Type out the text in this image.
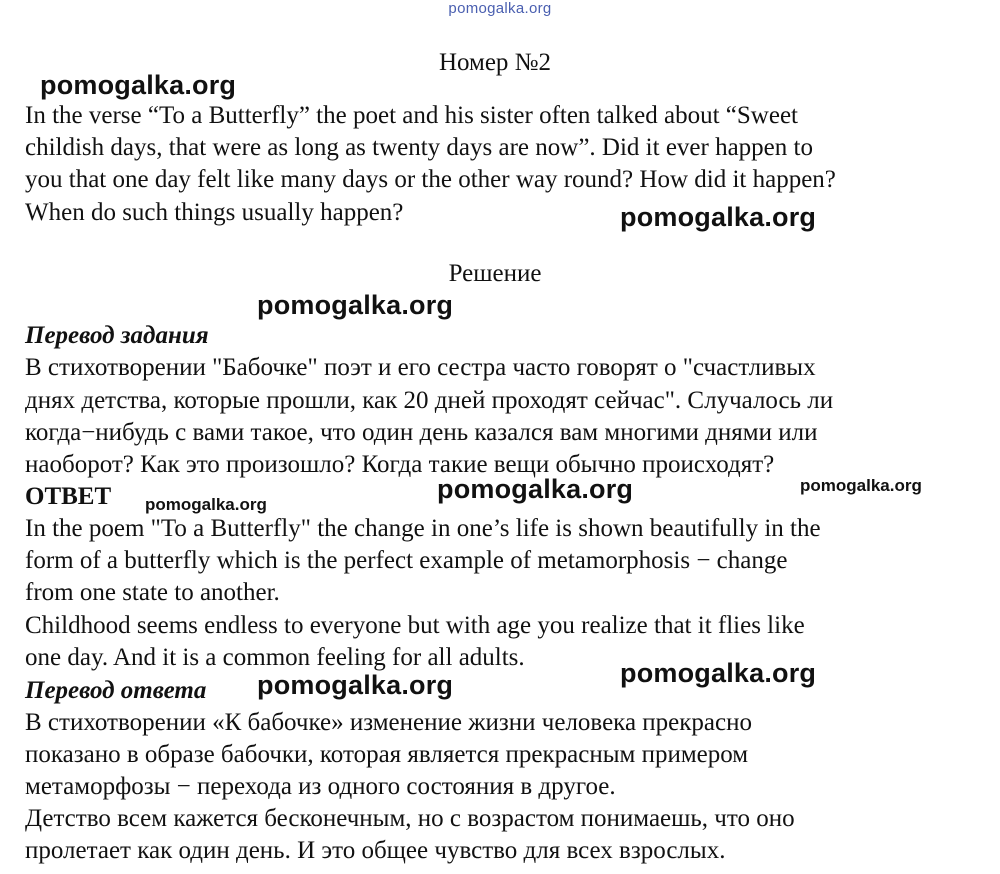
pomogalka.org
Номер №2
In the verse “To a Butterfly” the poet and his sister often talked about “Sweet
childish days, that were as long as twenty days are now”. Did it ever happen to
you that one day felt like many days or the other way round? How did it happen?
When do such things usually happen?
Решение
Перевод задания
В стихотворении "Бабочке" поэт и его сестра часто говорят о "счастливых
днях детства, которые прошли, как 20 дней проходят сейчас". Случалось ли
когда−нибудь с вами такое, что один день казался вам многими днями или
наоборот? Как это произошло? Когда такие вещи обычно происходят?
ОТВЕТ
In the poem "To a Butterfly" the change in one’s life is shown beautifully in the
form of a butterfly which is the perfect example of metamorphosis − change
from one state to another.
Childhood seems endless to everyone but with age you realize that it flies like
one day. And it is a common feeling for all adults.
Перевод ответа
В стихотворении «К бабочке» изменение жизни человека прекрасно
показано в образе бабочки, которая является прекрасным примером
метаморфозы − перехода из одного состояния в другое.
Детство всем кажется бесконечным, но с возрастом понимаешь, что оно
пролетает как один день. И это общее чувство для всех взрослых.
pomogalka.org
pomogalka.org
pomogalka.org
pomogalka.org
pomogalka.org	pomogalka.org
pomogalka.org	pomogalka.org
